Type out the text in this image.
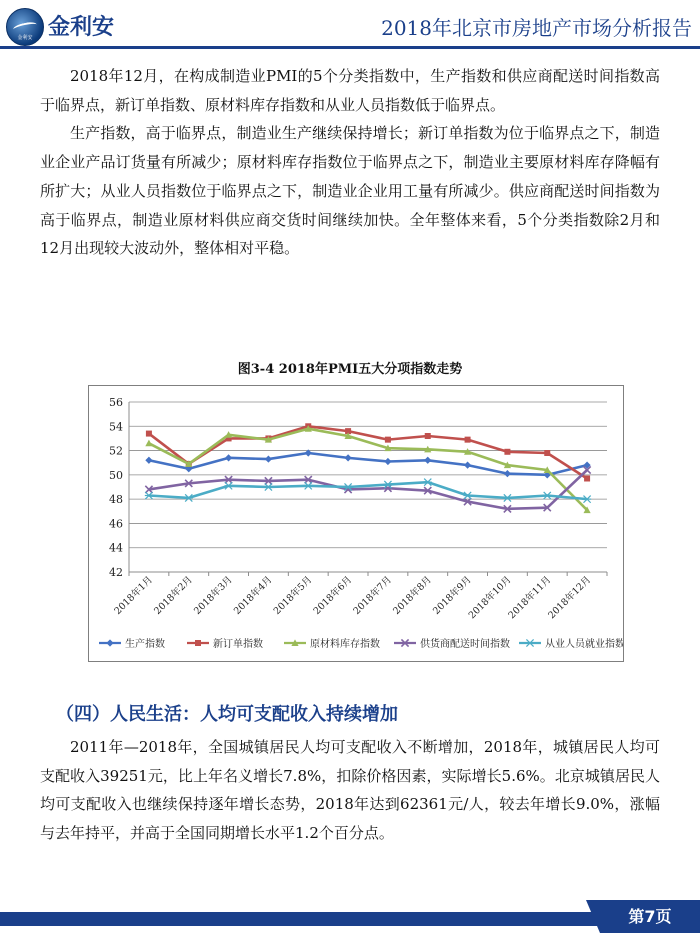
金利安 金利安	2018年北京市房地产市场分析报告

2018年12月，在构成制造业PMI的5个分类指数中，生产指数和供应商配送时间指数高于临界点，新订单指数、原材料库存指数和从业人员指数低于临界点。

生产指数，高于临界点，制造业生产继续保持增长；新订单指数为位于临界点之下，制造业企业产品订货量有所减少；原材料库存指数位于临界点之下，制造业主要原材料库存降幅有所扩大；从业人员指数位于临界点之下，制造业企业用工量有所减少。供应商配送时间指数为高于临界点，制造业原材料供应商交货时间继续加快。全年整体来看，5个分类指数除2月和12月出现较大波动外，整体相对平稳。

图3-4 2018年PMI五大分项指数走势
42
44
46
48
50
52
54
56
2018年1月
2018年2月
2018年3月
2018年4月
2018年5月
2018年6月
2018年7月
2018年8月
2018年9月
2018年10月
2018年11月
2018年12月
生产指数	新订单指数	原材料库存指数	供货商配送时间指数	从业人员就业指数
（四）人民生活：人均可支配收入持续增加

2011年—2018年，全国城镇居民人均可支配收入不断增加，2018年，城镇居民人均可支配收入39251元，比上年名义增长7.8%，扣除价格因素，实际增长5.6%。北京城镇居民人均可支配收入也继续保持逐年增长态势，2018年达到62361元/人，较去年增长9.0%，涨幅与去年持平，并高于全国同期增长水平1.2个百分点。

第7页
